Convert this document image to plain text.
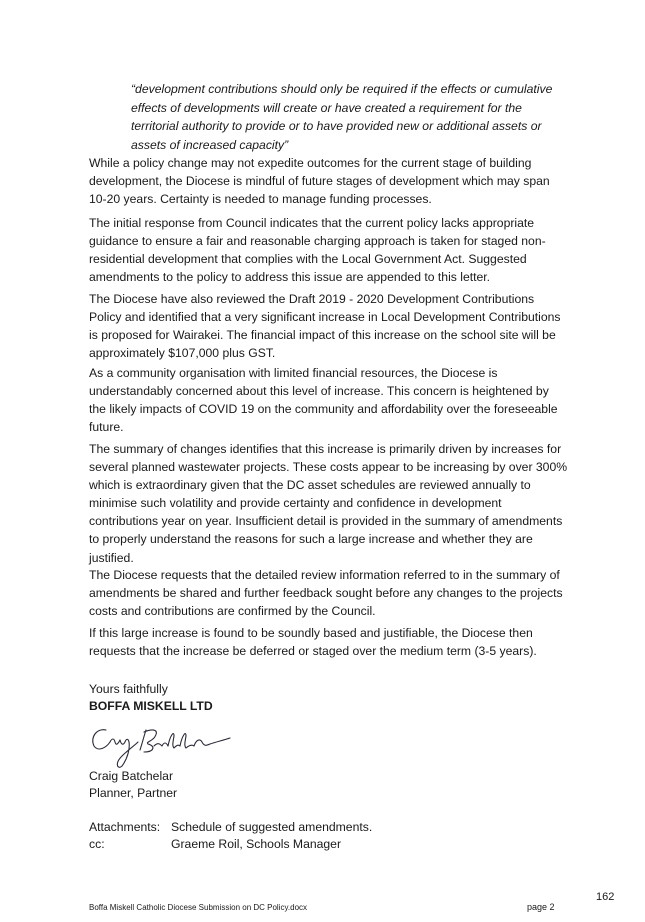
“development contributions should only be required if the effects or cumulative effects of developments will create or have created a requirement for the territorial authority to provide or to have provided new or additional assets or assets of increased capacity”

While a policy change may not expedite outcomes for the current stage of building development, the Diocese is mindful of future stages of development which may span 10-20 years. Certainty is needed to manage funding processes.

The initial response from Council indicates that the current policy lacks appropriate guidance to ensure a fair and reasonable charging approach is taken for staged non-residential development that complies with the Local Government Act. Suggested amendments to the policy to address this issue are appended to this letter.

The Diocese have also reviewed the Draft 2019 - 2020 Development Contributions Policy and identified that a very significant increase in Local Development Contributions is proposed for Wairakei. The financial impact of this increase on the school site will be approximately $107,000 plus GST.

As a community organisation with limited financial resources, the Diocese is understandably concerned about this level of increase. This concern is heightened by the likely impacts of COVID 19 on the community and affordability over the foreseeable future.

The summary of changes identifies that this increase is primarily driven by increases for several planned wastewater projects. These costs appear to be increasing by over 300% which is extraordinary given that the DC asset schedules are reviewed annually to minimise such volatility and provide certainty and confidence in development contributions year on year. Insufficient detail is provided in the summary of amendments to properly understand the reasons for such a large increase and whether they are justified.

The Diocese requests that the detailed review information referred to in the summary of amendments be shared and further feedback sought before any changes to the projects costs and contributions are confirmed by the Council.

If this large increase is found to be soundly based and justifiable, the Diocese then requests that the increase be deferred or staged over the medium term (3-5 years).

Yours faithfully

BOFFA MISKELL LTD

Craig Batchelar

Planner, Partner

Attachments: Schedule of suggested amendments.
cc:	Graeme Roil, Schools Manager
Boffa Miskell Catholic Diocese Submission on DC Policy.docx	page 2
162
